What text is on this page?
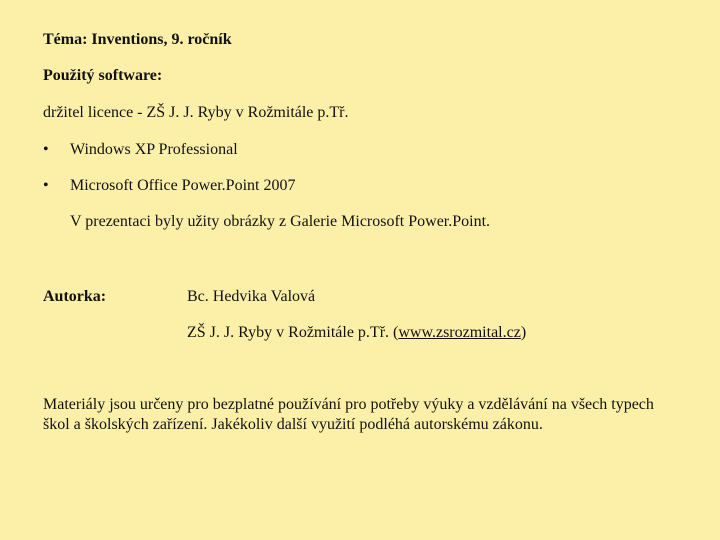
Téma: Inventions, 9. ročník
Použitý software:
držitel licence - ZŠ J. J. Ryby v Rožmitále p.Tř.
• Windows XP Professional
• Microsoft Office Power.Point 2007
V prezentaci byly užity obrázky z Galerie Microsoft Power.Point.
Autorka:	Bc. Hedvika Valová
ZŠ J. J. Ryby v Rožmitále p.Tř. (www.zsrozmital.cz)
Materiály jsou určeny pro bezplatné používání pro potřeby výuky a vzdělávání na všech typech škol a školských zařízení. Jakékoliv další využití podléhá autorskému zákonu.
